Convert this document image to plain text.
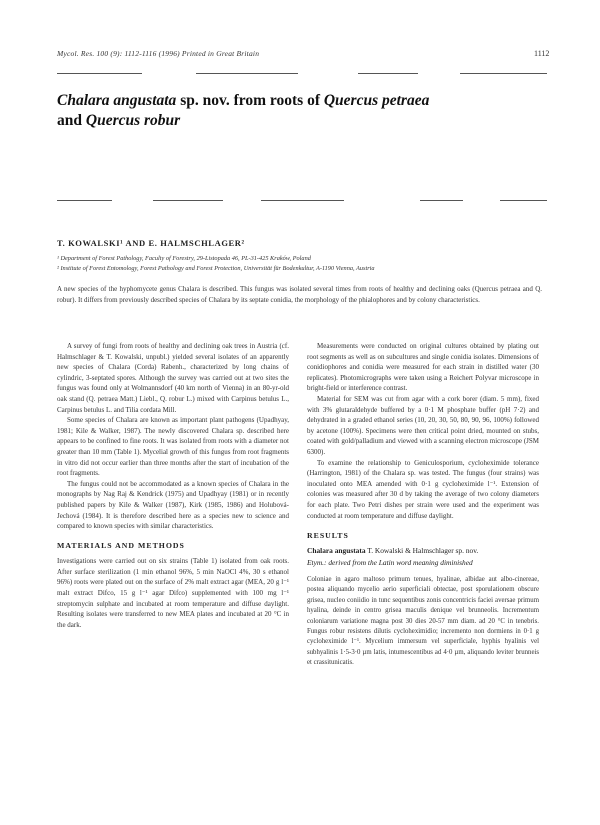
Mycol. Res. 100 (9): 1112-1116 (1996) Printed in Great Britain	1112
Chalara angustata sp. nov. from roots of Quercus petraea
and Quercus robur
T. KOWALSKI¹ AND E. HALMSCHLAGER²
¹ Department of Forest Pathology, Faculty of Forestry, 29-Listopada 46, PL-31-425 Kraków, Poland
² Institute of Forest Entomology, Forest Pathology and Forest Protection, Universität für Bodenkultur, A-1190 Vienna, Austria
A new species of the hyphomycete genus Chalara is described. This fungus was isolated several times from roots of healthy and declining oaks (Quercus petraea and Q. robur). It differs from previously described species of Chalara by its septate conidia, the morphology of the phialophores and by colony characteristics.

A survey of fungi from roots of healthy and declining oak trees in Austria (cf. Halmschlager & T. Kowalski, unpubl.) yielded several isolates of an apparently new species of Chalara (Corda) Rabenh., characterized by long chains of cylindric, 3-septated spores. Although the survey was carried out at two sites the fungus was found only at Wolmannsdorf (40 km north of Vienna) in an 80-yr-old oak stand (Q. petraea Matt.) Liebl., Q. robur L.) mixed with Carpinus betulus L., Carpinus betulus L. and Tilia cordata Mill.

Some species of Chalara are known as important plant pathogens (Upadhyay, 1981; Kile & Walker, 1987). The newly discovered Chalara sp. described here appears to be confined to fine roots. It was isolated from roots with a diameter not greater than 10 mm (Table 1). Mycelial growth of this fungus from root fragments in vitro did not occur earlier than three months after the start of incubation of the root fragments.

The fungus could not be accommodated as a known species of Chalara in the monographs by Nag Raj & Kendrick (1975) and Upadhyay (1981) or in recently published papers by Kile & Walker (1987), Kirk (1985, 1986) and Holubová-Jechová (1984). It is therefore described here as a species new to science and compared to known species with similar characteristics.

MATERIALS AND METHODS

Investigations were carried out on six strains (Table 1) isolated from oak roots. After surface sterilization (1 min ethanol 96%, 5 min NaOCl 4%, 30 s ethanol 96%) roots were plated out on the surface of 2% malt extract agar (MEA, 20 g l⁻¹ malt extract Difco, 15 g l⁻¹ agar Difco) supplemented with 100 mg l⁻¹ streptomycin sulphate and incubated at room temperature and diffuse daylight. Resulting isolates were transferred to new MEA plates and incubated at 20 °C in the dark.

Measurements were conducted on original cultures obtained by plating out root segments as well as on subcultures and single conidia isolates. Dimensions of conidiophores and conidia were measured for each strain in distilled water (30 replicates). Photomicrographs were taken using a Reichert Polyvar microscope in bright-field or interference contrast.

Material for SEM was cut from agar with a cork borer (diam. 5 mm), fixed with 3% glutaraldehyde buffered by a 0·1 M phosphate buffer (pH 7·2) and dehydrated in a graded ethanol series (10, 20, 30, 50, 80, 90, 96, 100%) followed by acetone (100%). Specimens were then critical point dried, mounted on stubs, coated with gold/palladium and viewed with a scanning electron microscope (JSM 6300).

To examine the relationship to Geniculosporium, cycloheximide tolerance (Harrington, 1981) of the Chalara sp. was tested. The fungus (four strains) was inoculated onto MEA amended with 0·1 g cycloheximide l⁻¹. Extension of colonies was measured after 30 d by taking the average of two colony diameters for each plate. Two Petri dishes per strain were used and the experiment was conducted at room temperature and diffuse daylight.

RESULTS
Chalara angustata T. Kowalski & Halmschlager sp. nov.
Etym.: derived from the Latin word meaning diminished
Coloniae in agaro maltoso primum tenues, hyalinae, albidae aut albo-cinereae, postea aliquando mycelio aerio superficiali obtectae, post sporulationem obscure grisea, nucleo coniidio in tunc sequentibus zonis concentricis faciei aversae primum hyalina, deinde in centro grisea maculis denique vel brunneolis. Incrementum coloniarum variatione magna post 30 dies 20-57 mm diam. ad 20 °C in tenebris. Fungus robur resistens dilutis cycloheximidio; incremento non dormiens in 0·1 g cycloheximide l⁻¹. Mycelium immersum vel superficiale, hyphis hyalinis vel subhyalinis 1·5-3·0 µm latis, intumescentibus ad 4·0 µm, aliquando leviter brunneis et crassitunicatis.
